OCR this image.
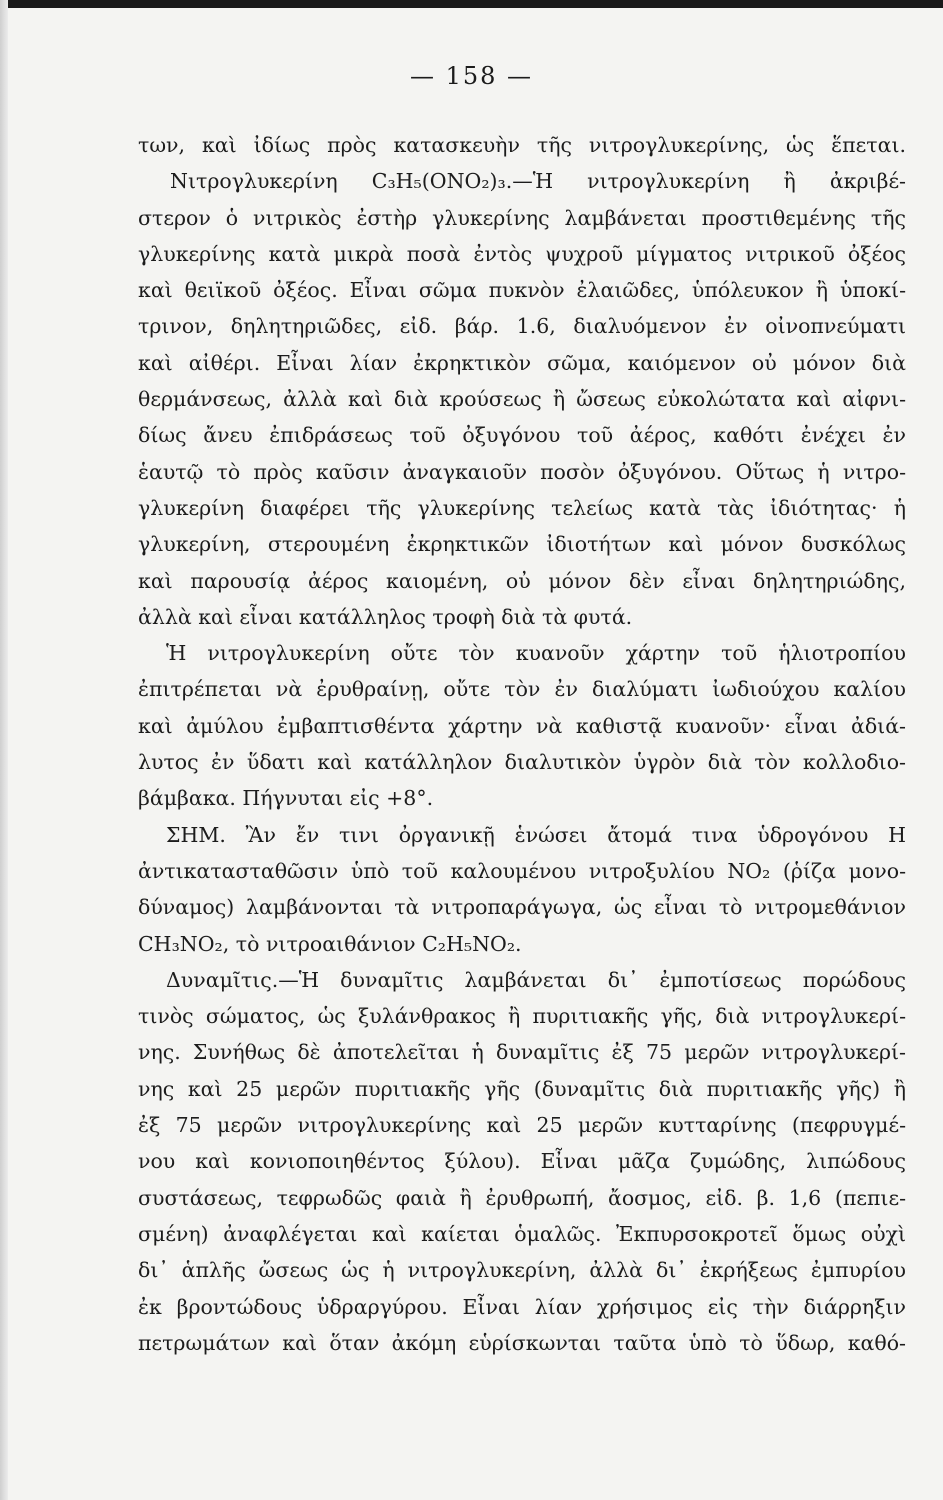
— 158 —
των, καὶ ἰδίως πρὸς κατασκευὴν τῆς νιτρογλυκερίνης, ὡς ἕπεται.
Νιτρογλυκερίνη C₃H₅(ONO₂)₃.—Ἡ νιτρογλυκερίνη ἢ ἀκριβέ-
στερον ὁ νιτρικὸς ἐστὴρ γλυκερίνης λαμβάνεται προστιθεμένης τῆς
γλυκερίνης κατὰ μικρὰ ποσὰ ἐντὸς ψυχροῦ μίγματος νιτρικοῦ ὀξέος
καὶ θειϊκοῦ ὀξέος. Εἶναι σῶμα πυκνὸν ἐλαιῶδες, ὑπόλευκον ἢ ὑποκί-
τρινον, δηλητηριῶδες, εἰδ. βάρ. 1.6, διαλυόμενον ἐν οἰνοπνεύματι
καὶ αἰθέρι. Εἶναι λίαν ἐκρηκτικὸν σῶμα, καιόμενον οὐ μόνον διὰ
θερμάνσεως, ἀλλὰ καὶ διὰ κρούσεως ἢ ὤσεως εὐκολώτατα καὶ αἰφνι-
δίως ἄνευ ἐπιδράσεως τοῦ ὀξυγόνου τοῦ ἀέρος, καθότι ἐνέχει ἐν
ἑαυτῷ τὸ πρὸς καῦσιν ἀναγκαιοῦν ποσὸν ὀξυγόνου. Οὕτως ἡ νιτρο-
γλυκερίνη διαφέρει τῆς γλυκερίνης τελείως κατὰ τὰς ἰδιότητας· ἡ
γλυκερίνη, στερουμένη ἐκρηκτικῶν ἰδιοτήτων καὶ μόνον δυσκόλως
καὶ παρουσίᾳ ἀέρος καιομένη, οὐ μόνον δὲν εἶναι δηλητηριώδης,
ἀλλὰ καὶ εἶναι κατάλληλος τροφὴ διὰ τὰ φυτά.
Ἡ νιτρογλυκερίνη οὔτε τὸν κυανοῦν χάρτην τοῦ ἡλιοτροπίου
ἐπιτρέπεται νὰ ἐρυθραίνῃ, οὔτε τὸν ἐν διαλύματι ἰωδιούχου καλίου
καὶ ἀμύλου ἐμβαπτισθέντα χάρτην νὰ καθιστᾷ κυανοῦν· εἶναι ἀδιά-
λυτος ἐν ὕδατι καὶ κατάλληλον διαλυτικὸν ὑγρὸν διὰ τὸν κολλοδιο-
βάμβακα. Πήγνυται εἰς +8°.
ΣΗΜ. Ἂν ἔν τινι ὀργανικῇ ἑνώσει ἄτομά τινα ὑδρογόνου Η
ἀντικατασταθῶσιν ὑπὸ τοῦ καλουμένου νιτροξυλίου NO₂ (ῥίζα μονο-
δύναμος) λαμβάνονται τὰ νιτροπαράγωγα, ὡς εἶναι τὸ νιτρομεθάνιον
CH₃NO₂, τὸ νιτροαιθάνιον C₂H₅NO₂.
Δυναμῖτις.—Ἡ δυναμῖτις λαμβάνεται δι᾽ ἐμποτίσεως πορώδους
τινὸς σώματος, ὡς ξυλάνθρακος ἢ πυριτιακῆς γῆς, διὰ νιτρογλυκερί-
νης. Συνήθως δὲ ἀποτελεῖται ἡ δυναμῖτις ἐξ 75 μερῶν νιτρογλυκερί-
νης καὶ 25 μερῶν πυριτιακῆς γῆς (δυναμῖτις διὰ πυριτιακῆς γῆς) ἢ
ἐξ 75 μερῶν νιτρογλυκερίνης καὶ 25 μερῶν κυτταρίνης (πεφρυγμέ-
νου καὶ κονιοποιηθέντος ξύλου). Εἶναι μᾶζα ζυμώδης, λιπώδους
συστάσεως, τεφρωδῶς φαιὰ ἢ ἐρυθρωπή, ἄοσμος, εἰδ. β. 1,6 (πεπιε-
σμένη) ἀναφλέγεται καὶ καίεται ὁμαλῶς. Ἐκπυρσοκροτεῖ ὅμως οὐχὶ
δι᾽ ἁπλῆς ὤσεως ὡς ἡ νιτρογλυκερίνη, ἀλλὰ δι᾽ ἐκρήξεως ἐμπυρίου
ἐκ βροντώδους ὑδραργύρου. Εἶναι λίαν χρήσιμος εἰς τὴν διάρρηξιν
πετρωμάτων καὶ ὅταν ἀκόμη εὑρίσκωνται ταῦτα ὑπὸ τὸ ὕδωρ, καθό-
